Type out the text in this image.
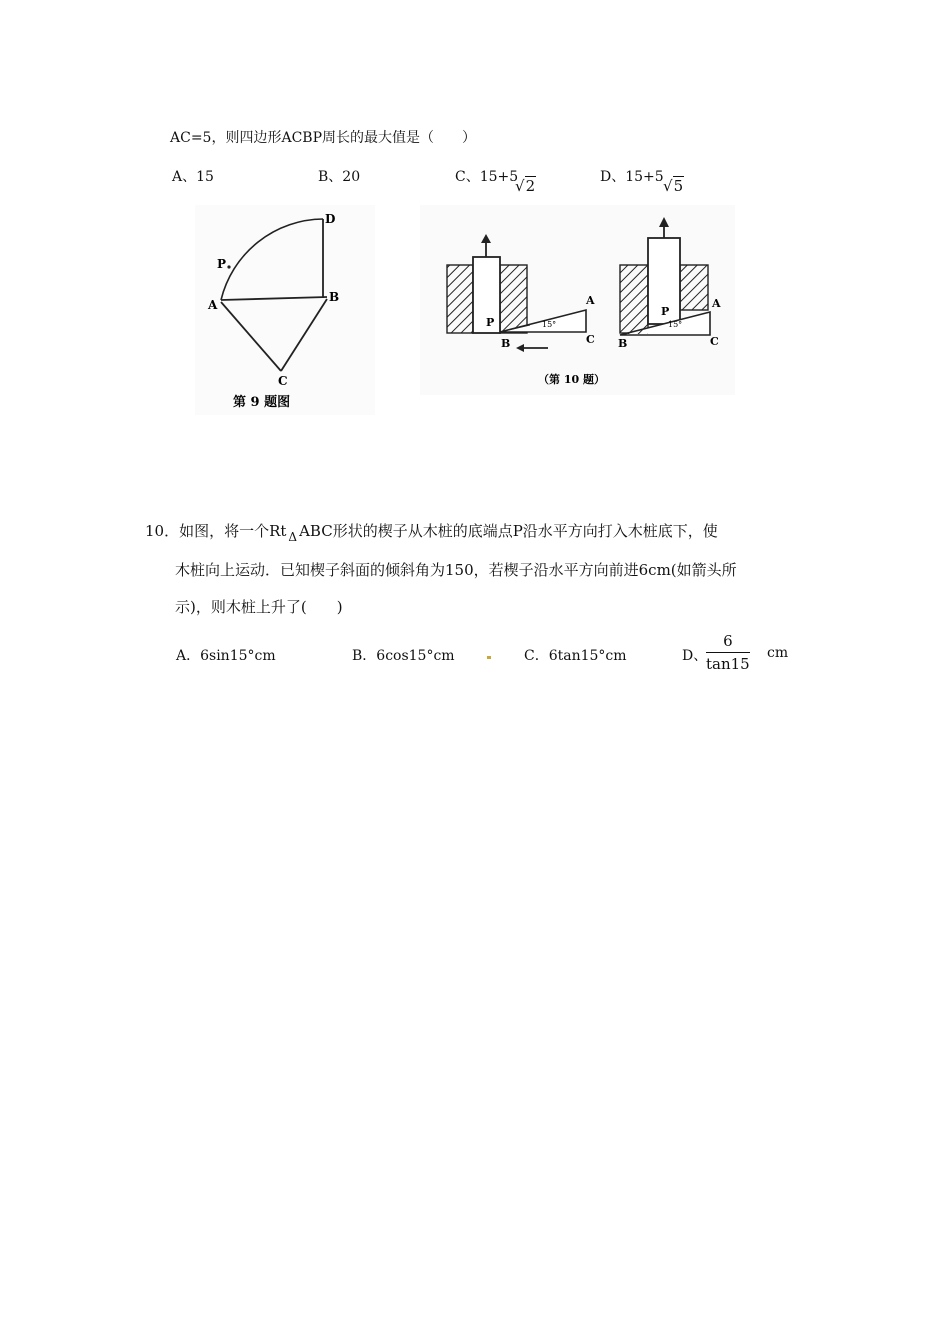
AC=5，则四边形ACBP周长的最大值是（　　）
A、15	B、20	C、15+5
√2	D、15+5 √5
D
P
A
B
C
第 9 题图
P
A
B	C
15°
P
A
B	C
15°
（第 10 题）
10．如图，将一个Rt $_\Delta$ ABC形状的楔子从木桩的底端点P沿水平方向打入木桩底下，使
木桩向上运动．已知楔子斜面的倾斜角为150，若楔子沿水平方向前进6cm(如箭头所
示)，则木桩上升了(　　)
A．6sin15°cm	B．6cos15°cm	C．6tan15°cm	D、
$\frac{6}{\tan 15}$ cm
